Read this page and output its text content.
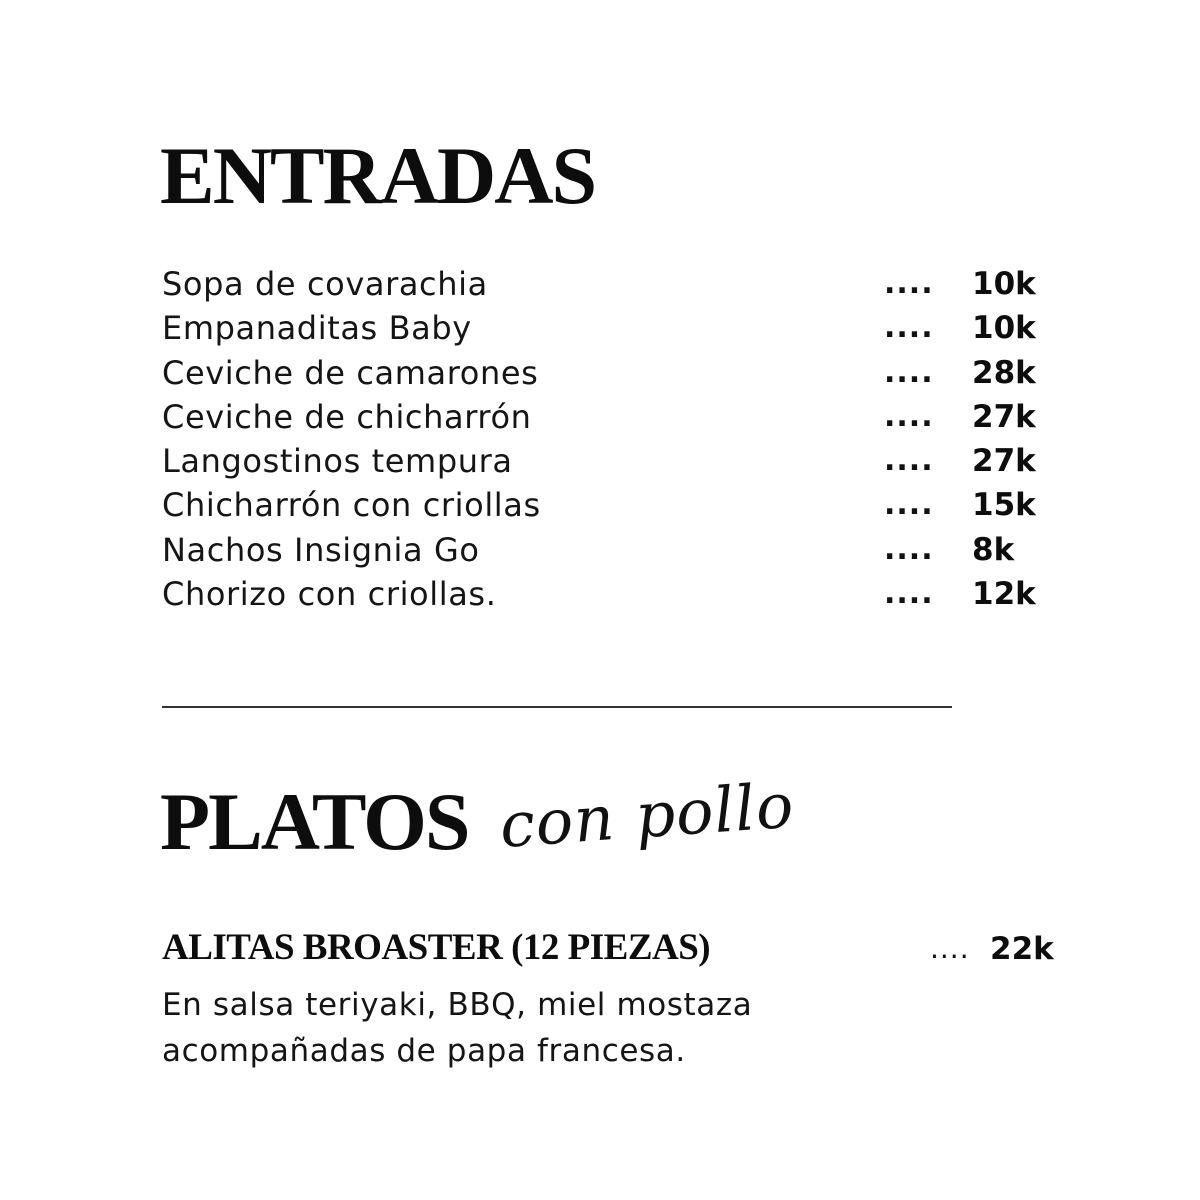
ENTRADAS
Sopa de covarachia	.... 10k
Empanaditas Baby	.... 10k
Ceviche de camarones	.... 28k
Ceviche de chicharrón	.... 27k
Langostinos tempura	.... 27k
Chicharrón con criollas	.... 15k
Nachos Insignia Go	.... 8k
Chorizo con criollas.	.... 12k
PLATOS con pollo
ALITAS BROASTER (12 PIEZAS)	.... 22k
En salsa teriyaki, BBQ, miel mostaza
acompañadas de papa francesa.
